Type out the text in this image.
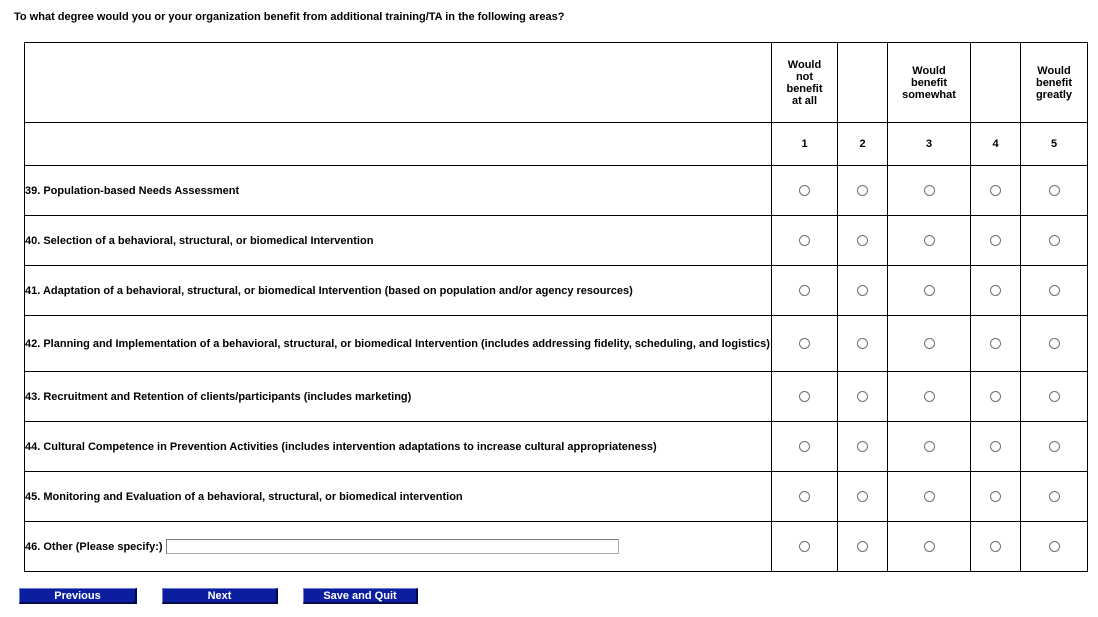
To what degree would you or your organization benefit from additional training/TA in the following areas?
	Would
not
benefit
at all		Would
benefit
somewhat		Would
benefit
greatly
	1	2	3	4	5
39. Population-based Needs Assessment					
40. Selection of a behavioral, structural, or biomedical Intervention					
41. Adaptation of a behavioral, structural, or biomedical Intervention (based on population and/or agency resources)					
42. Planning and Implementation of a behavioral, structural, or biomedical Intervention (includes addressing fidelity, scheduling, and logistics)					
43. Recruitment and Retention of clients/participants (includes marketing)					
44. Cultural Competence in Prevention Activities (includes intervention adaptations to increase cultural appropriateness)					
45. Monitoring and Evaluation of a behavioral, structural, or biomedical intervention					

46. Other (Please specify:)					

Previous	Next	Save and Quit
